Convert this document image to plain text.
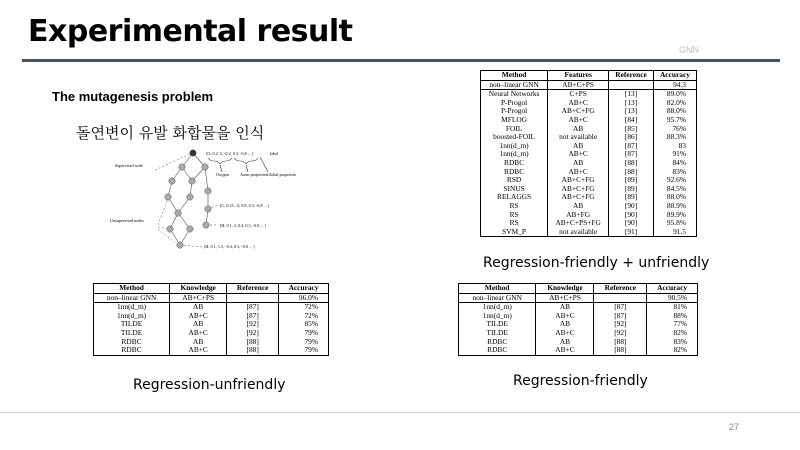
Experimental result
GNN
The mutagenesis problem
돌연변이 유발 화합물을 인식
[O, 0.2, 5, -0.2, 0.3, -0.8 ... ]	label
Supervised node
Oxygen	Atom properties Global properties
[C, 0.15, -2, 0.8, 0.3, -0.8 ... ]
Unsupervised nodes
[H, 0.1, 2, 0.4, 0.3, -0.8 ... ]
[H, 0.1, 1.5, -0.4, 0.3, -0.8 ... ]
Method	Features	Reference	Accuracy
non–linear GNN	AB+C+PS		94.3
Neural Networks	C+PS	[13]	89.0%
P-Progol	AB+C	[13]	82.0%
P-Progol	AB+C+FG	[13]	88.0%
MFLOG	AB+C	[84]	95.7%
FOIL	AB	[85]	76%
boosted-FOIL	not available	[86]	88.3%
1nn(d_m)	AB	[87]	83
1nn(d_m)	AB+C	[87]	91%
RDBC	AB	[88]	84%
RDBC	AB+C	[88]	83%
RSD	AB+C+FG	[89]	92.6%
SINUS	AB+C+FG	[89]	84.5%
RELAGGS	AB+C+FG	[89]	88.0%
RS	AB	[90]	88.9%
RS	AB+FG	[90]	89.9%
RS	AB+C+PS+FG	[90]	95.8%
SVM_P	not available	[91]	91.5
Regression-friendly + unfriendly
Method	Knowledge	Reference	Accuracy
non–linear GNN	AB+C+PS		96.0%
1nn(d_m)	AB	[87]	72%
1nn(d_m)	AB+C	[87]	72%
TILDE	AB	[92]	85%
TILDE	AB+C	[92]	79%
RDBC	AB	[88]	79%
RDBC	AB+C	[88]	79%
Regression-unfriendly
Method	Knowledge	Reference	Accuracy
non–linear GNN	AB+C+PS		90.5%
1nn(d_m)	AB	[87]	81%
1nn(d_m)	AB+C	[87]	88%
TILDE	AB	[92]	77%
TILDE	AB+C	[92]	82%
RDBC	AB	[88]	83%
RDBC	AB+C	[88]	82%
Regression-friendly
27
